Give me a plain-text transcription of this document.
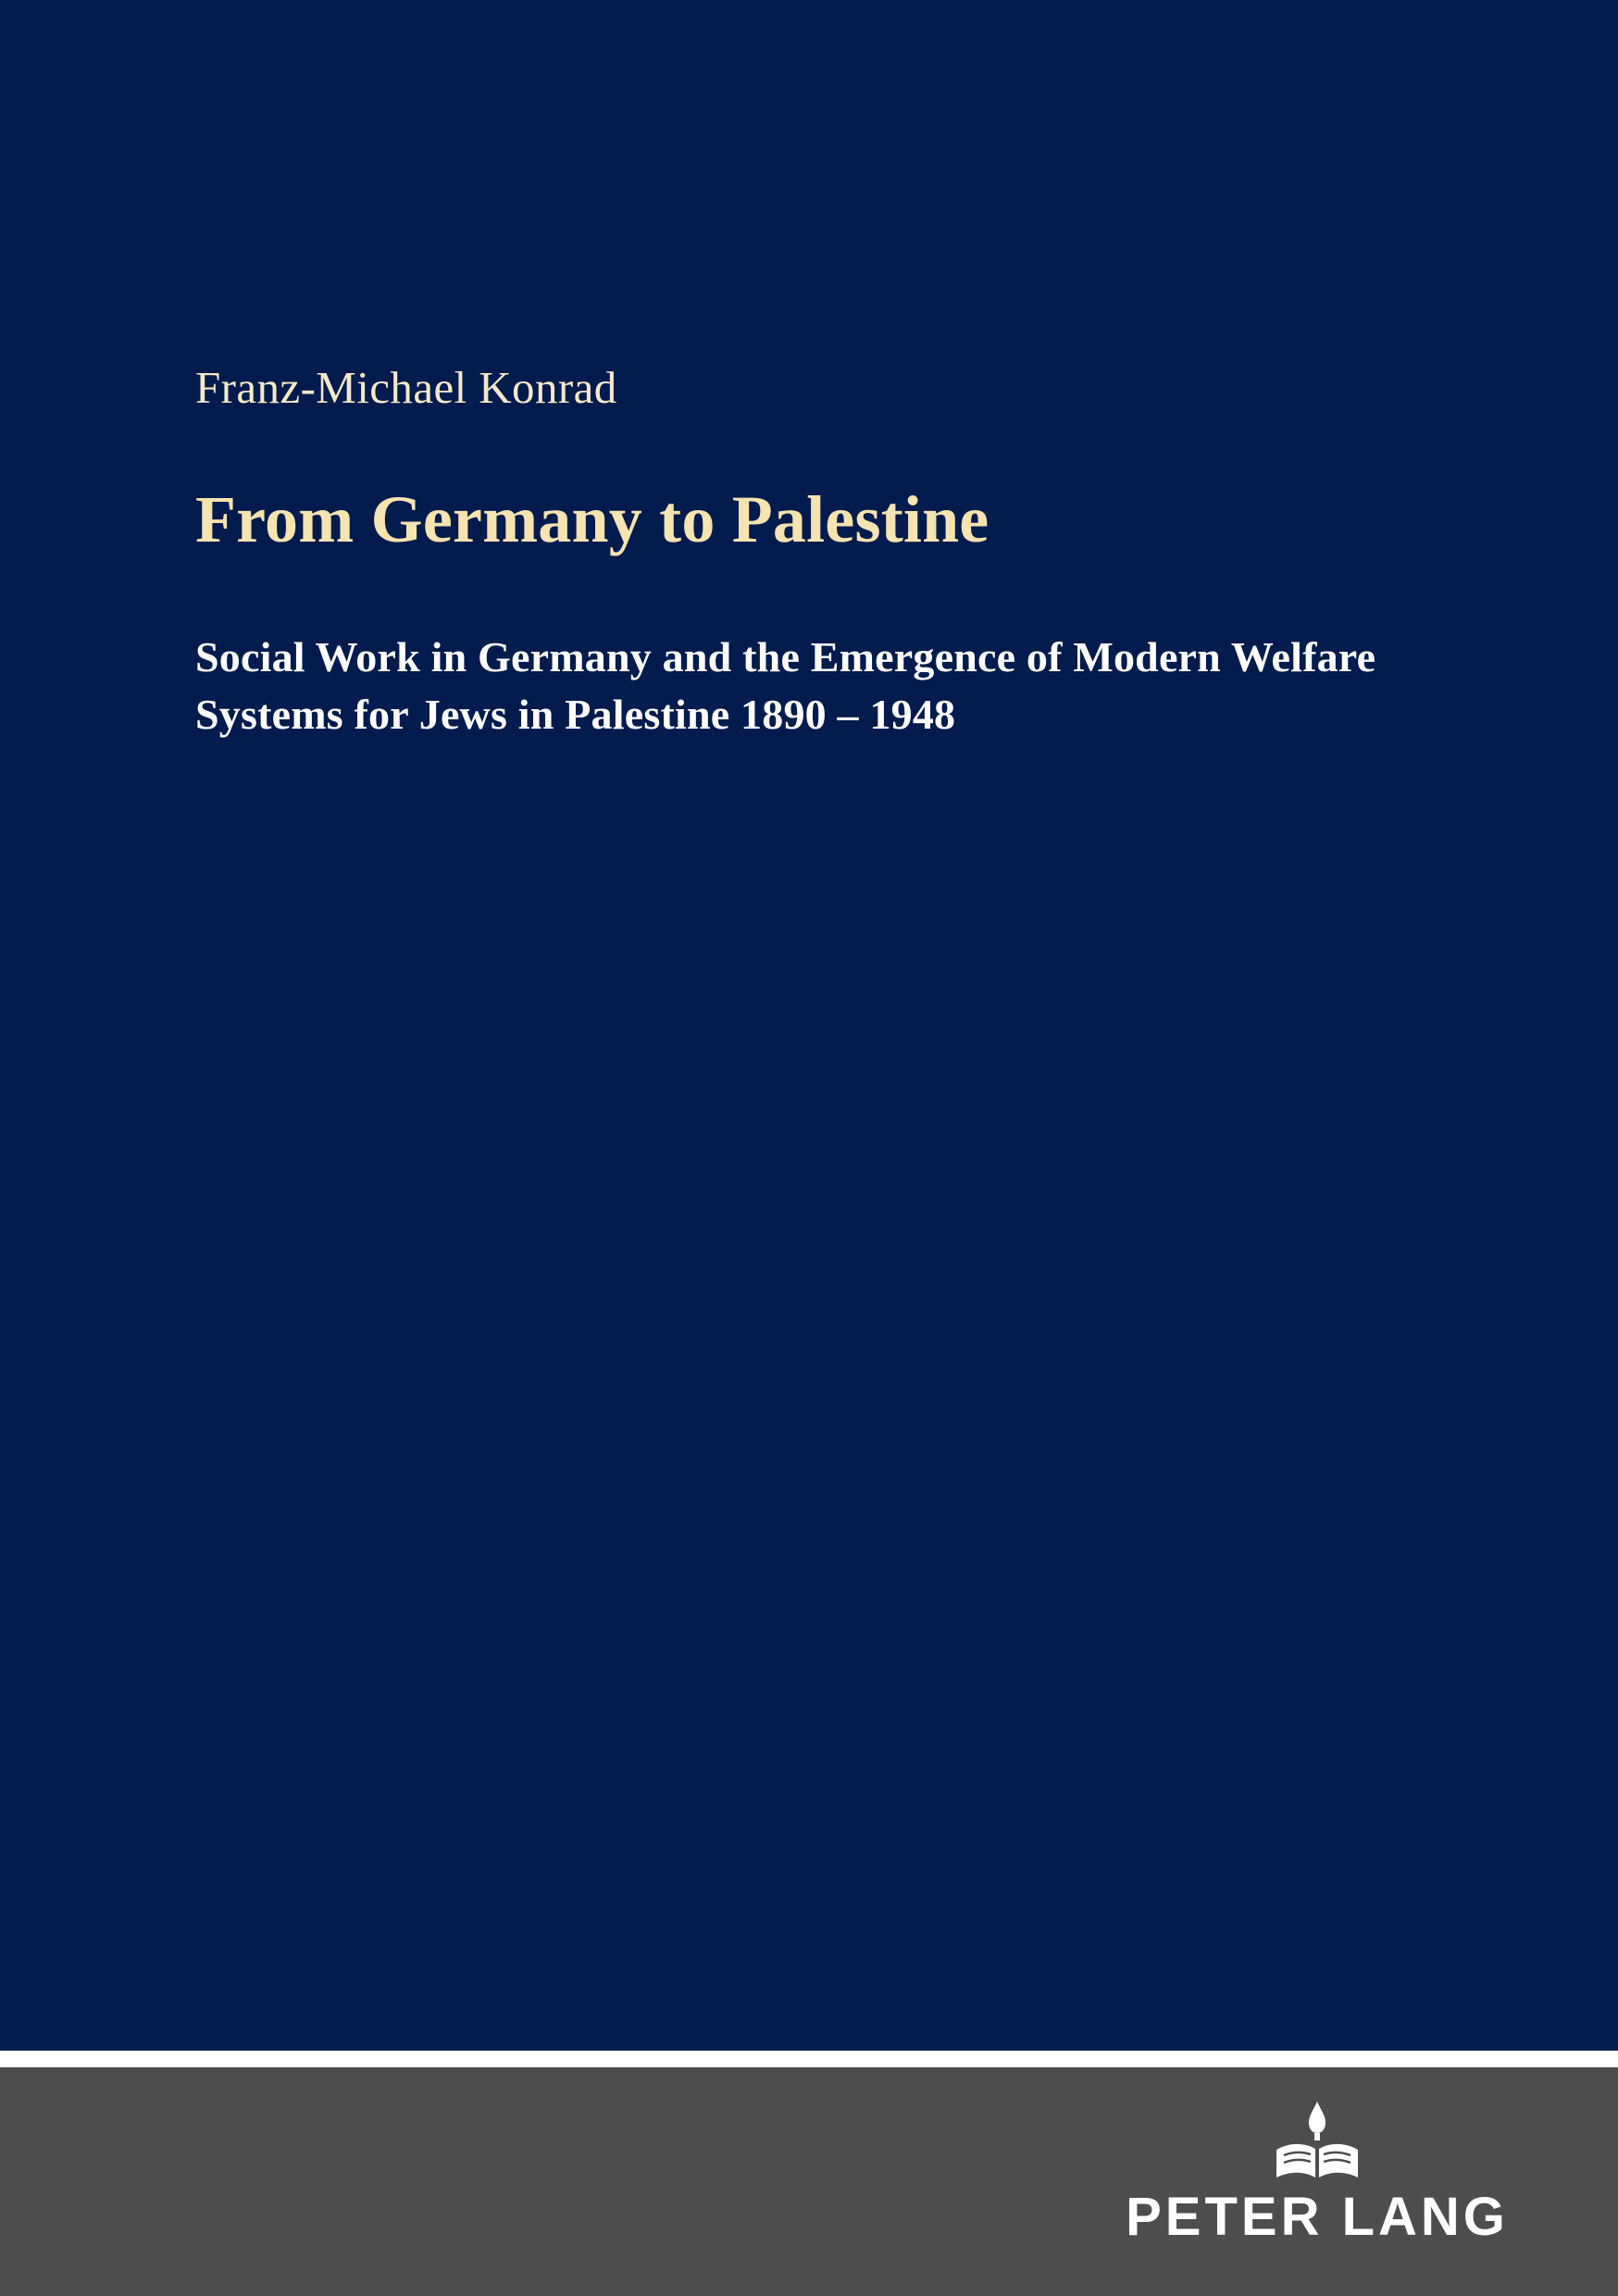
Franz-Michael Konrad
From Germany to Palestine
Social Work in Germany and the Emergence of Modern Welfare Systems for Jews in Palestine 1890 – 1948
PETER LANG
